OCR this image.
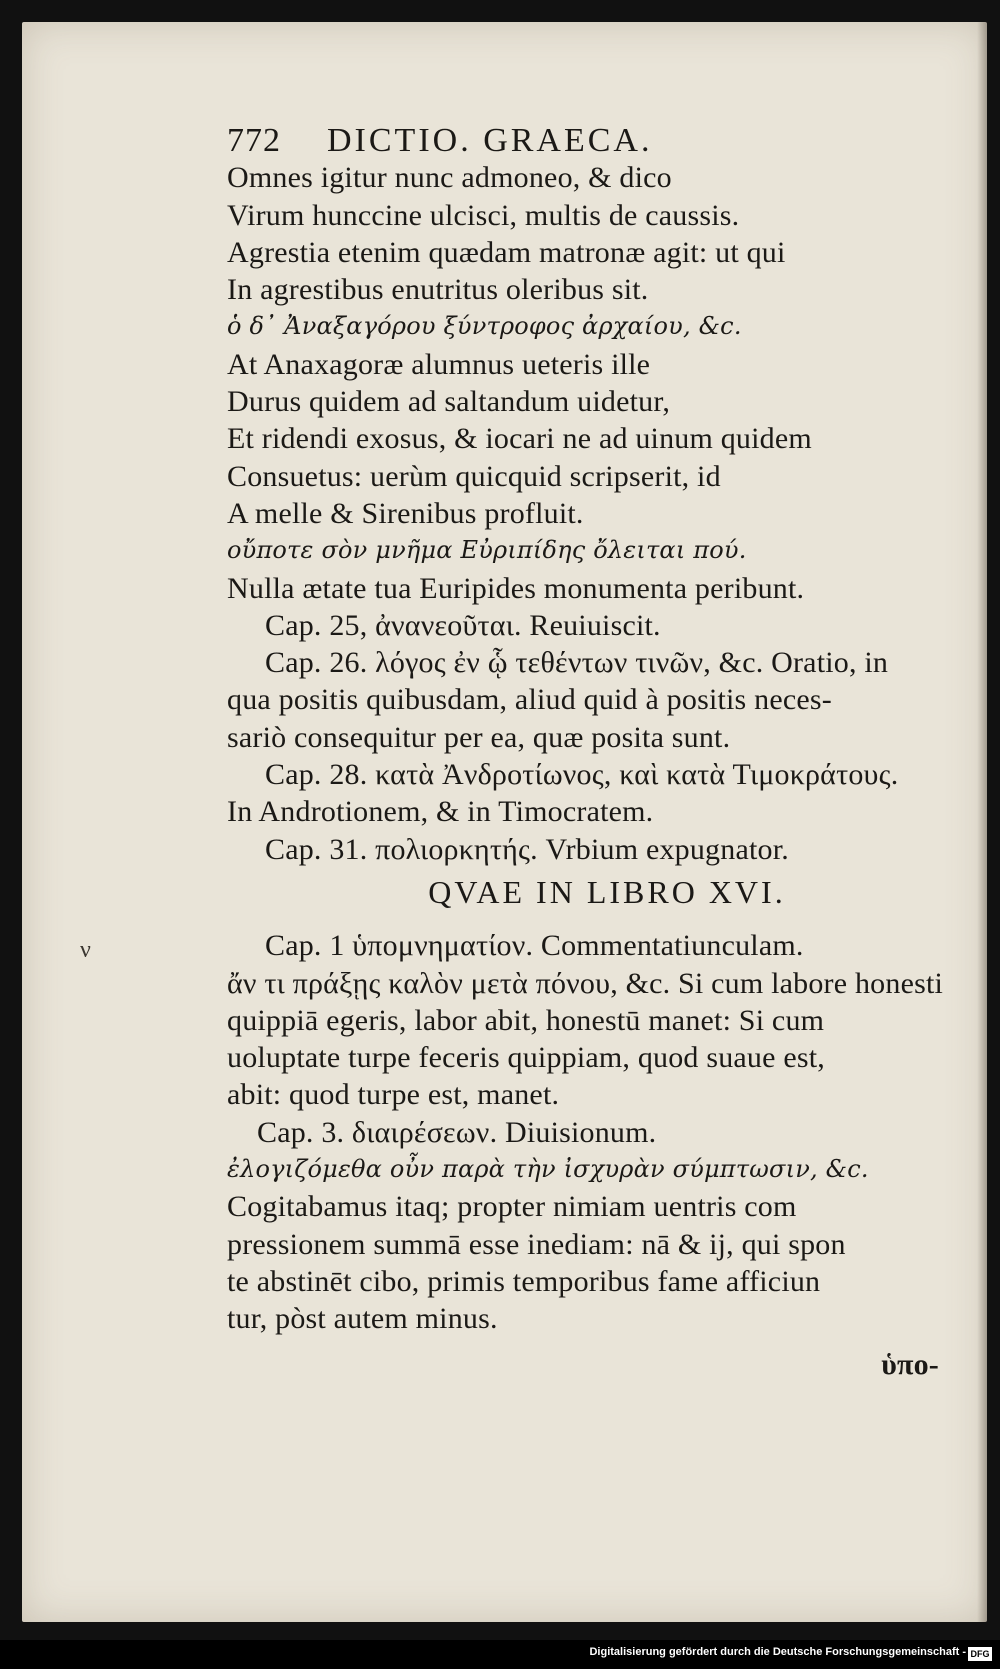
ν
772 DICTIO. GRAECA.
Omnes igitur nunc admoneo, & dico
Virum hunccine ulcisci, multis de caussis.
Agrestia etenim quædam matronæ agit: ut qui
In agrestibus enutritus oleribus sit.
ὁ δ᾽ Ἀναξαγόρου ξύντροφος ἀρχαίου, &c.
At Anaxagoræ alumnus ueteris ille
Durus quidem ad saltandum uidetur,
Et ridendi exosus, & iocari ne ad uinum quidem
Consuetus: uerùm quicquid scripserit, id
A melle & Sirenibus profluit.
οὔποτε σὸν μνῆμα Εὐριπίδης ὄλειται πού.
Nulla ætate tua Euripides monumenta peribunt.
Cap. 25, ἀνανεοῦται. Reuiuiscit.
Cap. 26. λόγος ἐν ᾧ τεθέντων τινῶν, &c. Oratio, in
qua positis quibusdam, aliud quid à positis neces-
sariò consequitur per ea, quæ posita sunt.
Cap. 28. κατὰ Ἀνδροτίωνος, καὶ κατὰ Τιμοκράτους.
In Androtionem, & in Timocratem.
Cap. 31. πολιορκητής. Vrbium expugnator.
QVAE IN LIBRO XVI.
Cap. 1 ὑπομνηματίον. Commentatiunculam.
ἄν τι πράξῃς καλὸν μετὰ πόνου, &c. Si cum labore honesti
quippiā egeris, labor abit, honestū manet: Si cum
uoluptate turpe feceris quippiam, quod suaue est,
abit: quod turpe est, manet.
Cap. 3. διαιρέσεων. Diuisionum.
ἐλογιζόμεθα οὖν παρὰ τὴν ἰσχυρὰν σύμπτωσιν, &c.
Cogitabamus itaq; propter nimiam uentris com
pressionem summā esse inediam: nā & ij, qui spon
te abstinēt cibo, primis temporibus fame afficiun
tur, pòst autem minus.
ὑπο-
Digitalisierung gefördert durch die Deutsche Forschungsgemeinschaft - DFG
